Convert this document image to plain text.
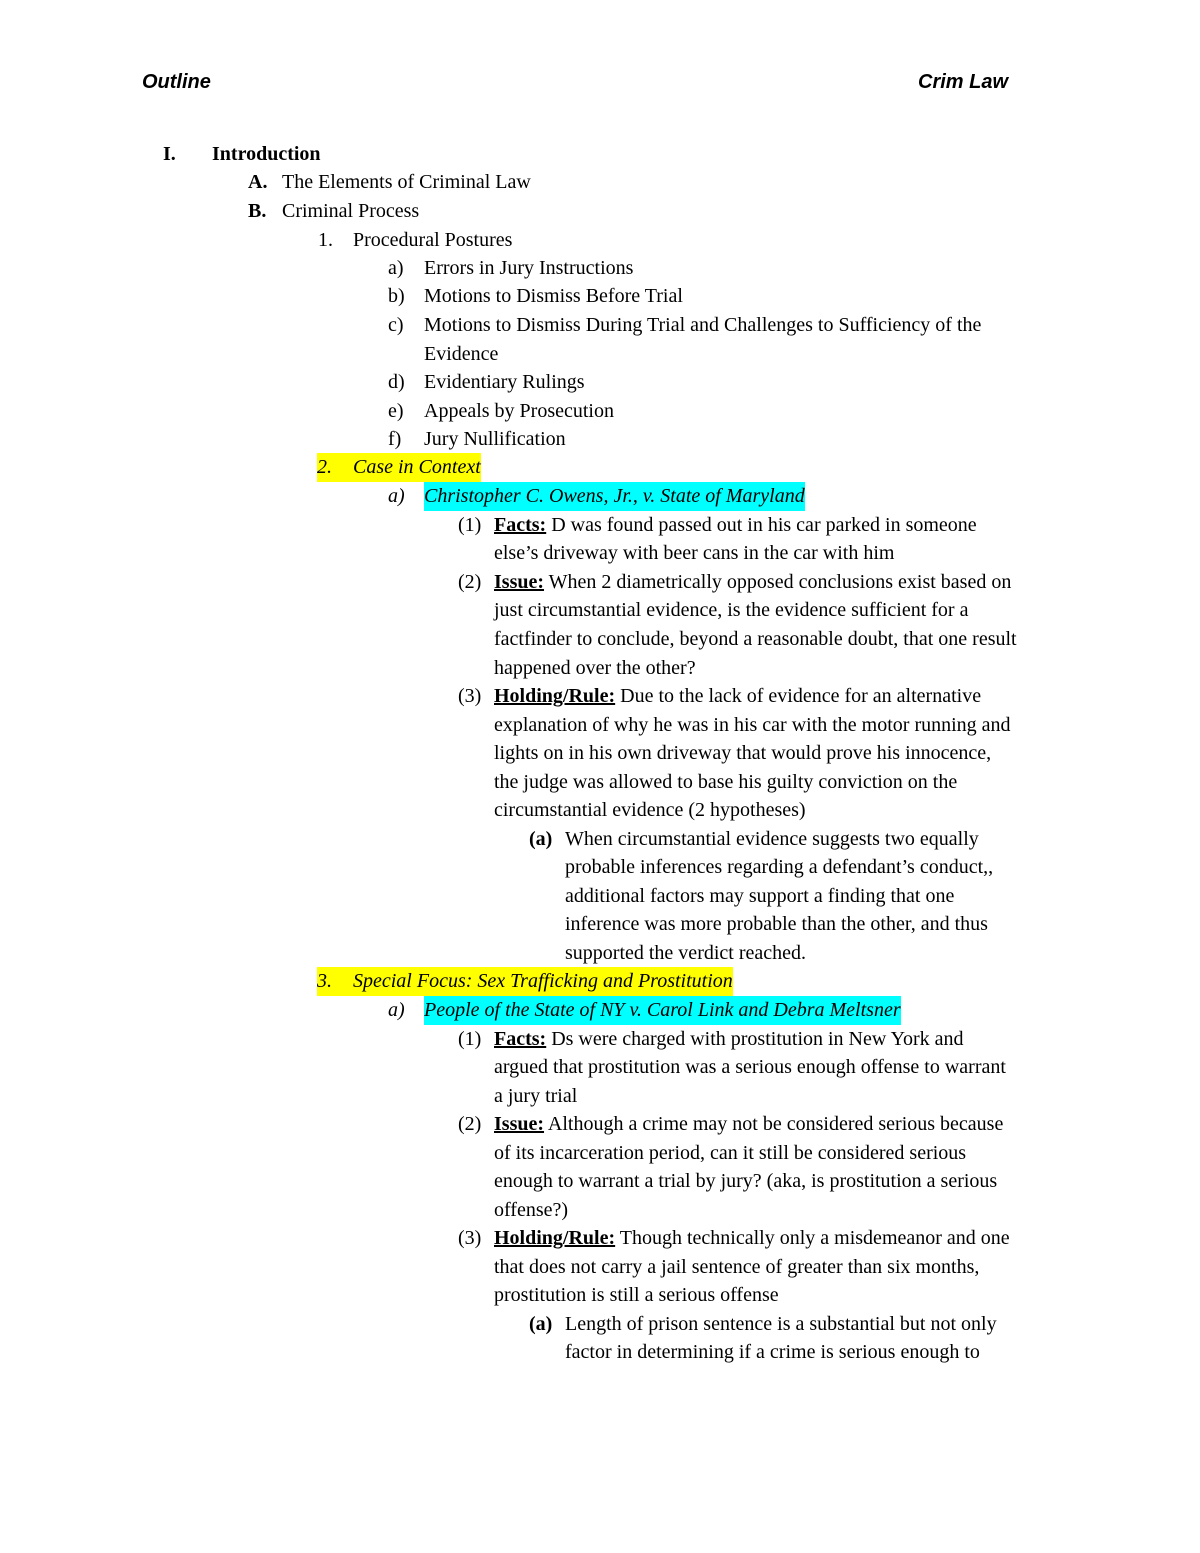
Outline	Crim Law
I. Introduction
A. The Elements of Criminal Law
B. Criminal Process
1. Procedural Postures
a) Errors in Jury Instructions
b) Motions to Dismiss Before Trial
c) Motions to Dismiss During Trial and Challenges to Sufficiency of the
Evidence
d) Evidentiary Rulings
e) Appeals by Prosecution
f) Jury Nullification
2.	Case in Context
a) Christopher C. Owens, Jr., v. State of Maryland
(1) Facts: D was found passed out in his car parked in someone
else’s driveway with beer cans in the car with him
(2) Issue: When 2 diametrically opposed conclusions exist based on
just circumstantial evidence, is the evidence sufficient for a
factfinder to conclude, beyond a reasonable doubt, that one result
happened over the other?
(3) Holding/Rule: Due to the lack of evidence for an alternative
explanation of why he was in his car with the motor running and
lights on in his own driveway that would prove his innocence,
the judge was allowed to base his guilty conviction on the
circumstantial evidence (2 hypotheses)
(a) When circumstantial evidence suggests two equally
probable inferences regarding a defendant’s conduct,,
additional factors may support a finding that one
inference was more probable than the other, and thus
supported the verdict reached.
3.	Special Focus: Sex Trafficking and Prostitution
a) People of the State of NY v. Carol Link and Debra Meltsner
(1) Facts: Ds were charged with prostitution in New York and
argued that prostitution was a serious enough offense to warrant
a jury trial
(2) Issue: Although a crime may not be considered serious because
of its incarceration period, can it still be considered serious
enough to warrant a trial by jury? (aka, is prostitution a serious
offense?)
(3) Holding/Rule: Though technically only a misdemeanor and one
that does not carry a jail sentence of greater than six months,
prostitution is still a serious offense
(a) Length of prison sentence is a substantial but not only
factor in determining if a crime is serious enough to
